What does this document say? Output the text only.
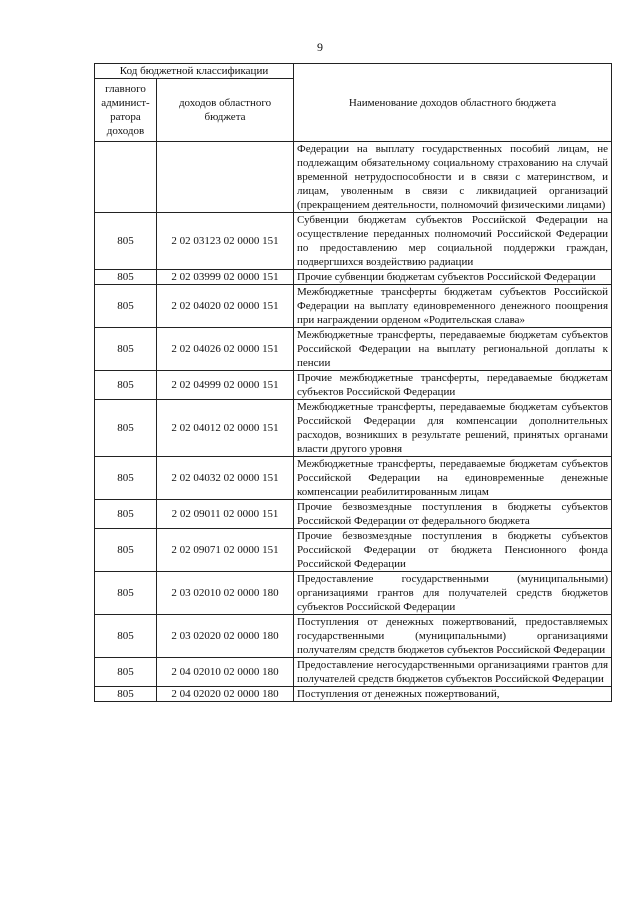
9
Код бюджетной классификации		Наименование доходов областного бюджета
главного админист-ратора доходов	доходов областного бюджета	
		Федерации на выплату государственных пособий лицам, не подлежащим обязательному социальному страхованию на случай временной нетрудоспособности и в связи с материнством, и лицам, уволенным в связи с ликвидацией организаций (прекращением деятельности, полномочий физическими лицами)
805	2 02 03123 02 0000 151	Субвенции бюджетам субъектов Российской Федерации на осуществление переданных полномочий Российской Федерации по предоставлению мер социальной поддержки граждан, подвергшихся воздействию радиации
805	2 02 03999 02 0000 151	Прочие субвенции бюджетам субъектов Российской Федерации
805	2 02 04020 02 0000 151	Межбюджетные трансферты бюджетам субъектов Российской Федерации на выплату единовременного денежного поощрения при награждении орденом «Родительская слава»
805	2 02 04026 02 0000 151	Межбюджетные трансферты, передаваемые бюджетам субъектов Российской Федерации на выплату региональной доплаты к пенсии
805	2 02 04999 02 0000 151	Прочие межбюджетные трансферты, передаваемые бюджетам субъектов Российской Федерации
805	2 02 04012 02 0000 151	Межбюджетные трансферты, передаваемые бюджетам субъектов Российской Федерации для компенсации дополнительных расходов, возникших в результате решений, принятых органами власти другого уровня
805	2 02 04032 02 0000 151	Межбюджетные трансферты, передаваемые бюджетам субъектов Российской Федерации на единовременные денежные компенсации реабилитированным лицам
805	2 02 09011 02 0000 151	Прочие безвозмездные поступления в бюджеты субъектов Российской Федерации от федерального бюджета
805	2 02 09071 02 0000 151	Прочие безвозмездные поступления в бюджеты субъектов Российской Федерации от бюджета Пенсионного фонда Российской Федерации
805	2 03 02010 02 0000 180	Предоставление государственными (муниципальными) организациями грантов для получателей средств бюджетов субъектов Российской Федерации
805	2 03 02020 02 0000 180	Поступления от денежных пожертвований, предоставляемых государственными (муниципальными) организациями получателям средств бюджетов субъектов Российской Федерации
805	2 04 02010 02 0000 180	Предоставление негосударственными организациями грантов для получателей средств бюджетов субъектов Российской Федерации
805	2 04 02020 02 0000 180	Поступления от денежных пожертвований,
